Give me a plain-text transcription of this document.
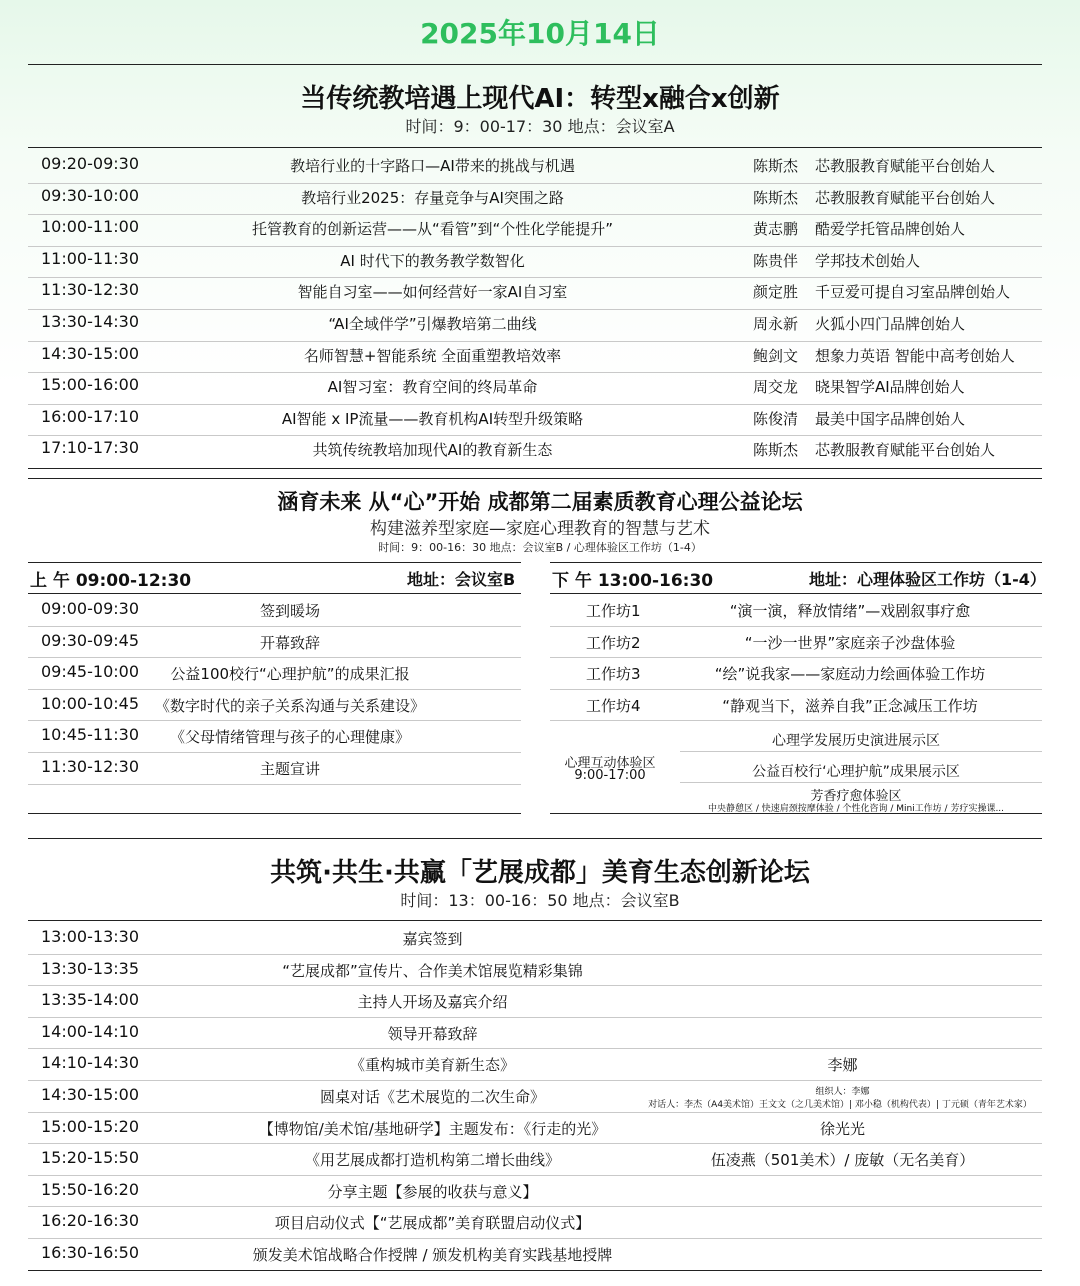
2025年10月14日
当传统教培遇上现代AI：转型x融合x创新
时间：9：00-17：30 地点：会议室A
09:20-09:30	教培行业的十字路口—AI带来的挑战与机遇	陈斯杰 芯教服教育赋能平台创始人
09:30-10:00	教培行业2025：存量竞争与AI突围之路	陈斯杰 芯教服教育赋能平台创始人
10:00-11:00	托管教育的创新运营——从“看管”到“个性化学能提升”	黄志鹏 酷爱学托管品牌创始人
11:00-11:30	AI 时代下的教务教学数智化	陈贵伴 学邦技术创始人
11:30-12:30	智能自习室——如何经营好一家AI自习室	颜定胜 千豆爱可提自习室品牌创始人
13:30-14:30	“AI全域伴学”引爆教培第二曲线	周永新 火狐小四门品牌创始人
14:30-15:00	名师智慧+智能系统 全面重塑教培效率	鲍剑文 想象力英语 智能中高考创始人
15:00-16:00	AI智习室：教育空间的终局革命	周交龙 晓果智学AI品牌创始人
16:00-17:10	AI智能 x IP流量——教育机构AI转型升级策略	陈俊清 最美中国字品牌创始人
17:10-17:30	共筑传统教培加现代AI的教育新生态	陈斯杰 芯教服教育赋能平台创始人
涵育未来 从“心”开始 成都第二届素质教育心理公益论坛
构建滋养型家庭—家庭心理教育的智慧与艺术
时间：9：00-16：30 地点：会议室B / 心理体验区工作坊（1-4）
上 午 09:00-12:30	地址：会议室B 下 午 13:00-16:30	地址：心理体验区工作坊（1-4）
09:00-09:30	签到暖场
09:30-09:45	开幕致辞
09:45-10:00	公益100校行“心理护航”的成果汇报
10:00-10:45	《数字时代的亲子关系沟通与关系建设》
10:45-11:30	《父母情绪管理与孩子的心理健康》
11:30-12:30	主题宣讲
工作坊1	“演一演，释放情绪”—戏剧叙事疗愈
工作坊2	“一沙一世界”家庭亲子沙盘体验
工作坊3	“绘”说我家——家庭动力绘画体验工作坊
工作坊4	“静观当下，滋养自我”正念减压工作坊
心理互动体验区
9:00-17:00
心理学发展历史演进展示区
公益百校行‘心理护航”成果展示区
芳香疗愈体验区
中央静憩区 / 快速肩颈按摩体验 / 个性化咨询 / Mini工作坊 / 芳疗实操课...
共筑·共生·共赢「艺展成都」美育生态创新论坛
时间：13：00-16：50 地点：会议室B
13:00-13:30	嘉宾签到
13:30-13:35	“艺展成都”宣传片、合作美术馆展览精彩集锦
13:35-14:00	主持人开场及嘉宾介绍
14:00-14:10	领导开幕致辞
14:10-14:30	《重构城市美育新生态》	李娜
14:30-15:00	圆桌对话《艺术展览的二次生命》	组织人：李娜
对话人：李杰（A4美术馆）王文文（之几美术馆）| 邓小稳（机构代表）| 丁元硕（青年艺术家）
15:00-15:20	【博物馆/美术馆/基地研学】主题发布：《行走的光》	徐光光
15:20-15:50	《用艺展成都打造机构第二增长曲线》	伍凌燕（501美术）/ 庞敏（无名美育）
15:50-16:20	分享主题【参展的收获与意义】
16:20-16:30	项目启动仪式【“艺展成都”美育联盟启动仪式】
16:30-16:50	颁发美术馆战略合作授牌 / 颁发机构美育实践基地授牌
